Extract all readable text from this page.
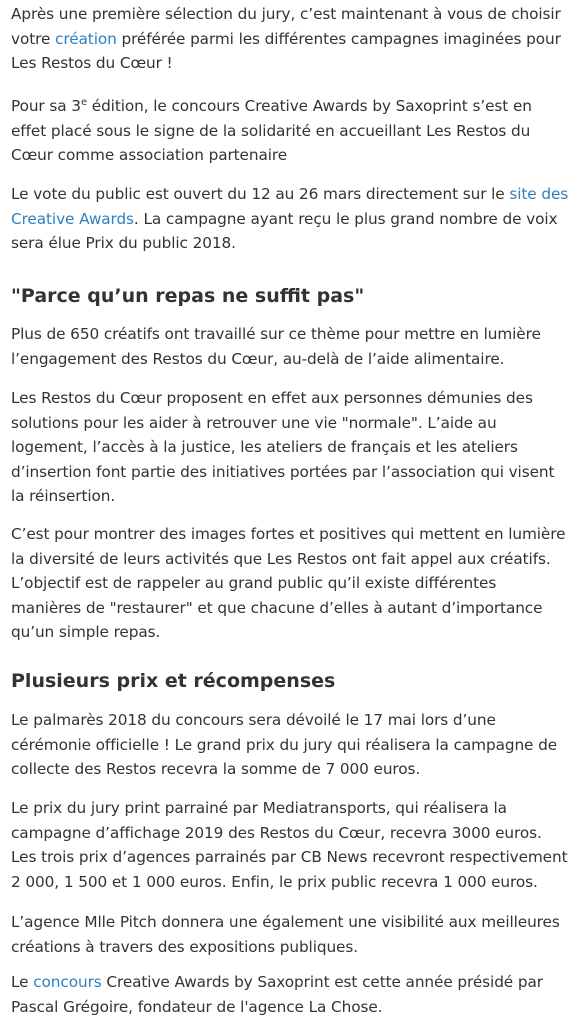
Après une première sélection du jury, c’est maintenant à vous de choisir votre création préférée parmi les différentes campagnes imaginées pour Les Restos du Cœur !

Pour sa 3e édition, le concours Creative Awards by Saxoprint s’est en effet placé sous le signe de la solidarité en accueillant Les Restos du Cœur comme association partenaire

Le vote du public est ouvert du 12 au 26 mars directement sur le site des Creative Awards. La campagne ayant reçu le plus grand nombre de voix sera élue Prix du public 2018.

"Parce qu’un repas ne suffit pas"

Plus de 650 créatifs ont travaillé sur ce thème pour mettre en lumière l’engagement des Restos du Cœur, au-delà de l’aide alimentaire.

Les Restos du Cœur proposent en effet aux personnes démunies des solutions pour les aider à retrouver une vie "normale". L’aide au logement, l’accès à la justice, les ateliers de français et les ateliers d’insertion font partie des initiatives portées par l’association qui visent la réinsertion.

C’est pour montrer des images fortes et positives qui mettent en lumière la diversité de leurs activités que Les Restos ont fait appel aux créatifs. L’objectif est de rappeler au grand public qu’il existe différentes manières de "restaurer" et que chacune d’elles à autant d’importance qu’un simple repas.

Plusieurs prix et récompenses

Le palmarès 2018 du concours sera dévoilé le 17 mai lors d’une cérémonie officielle ! Le grand prix du jury qui réalisera la campagne de collecte des Restos recevra la somme de 7 000 euros.

Le prix du jury print parrainé par Mediatransports, qui réalisera la campagne d’affichage 2019 des Restos du Cœur, recevra 3000 euros. Les trois prix d’agences parrainés par CB News recevront respectivement 2 000, 1 500 et 1 000 euros. Enfin, le prix public recevra 1 000 euros.

L’agence Mlle Pitch donnera une également une visibilité aux meilleures créations à travers des expositions publiques.

Le concours Creative Awards by Saxoprint est cette année présidé par Pascal Grégoire, fondateur de l'agence La Chose.
